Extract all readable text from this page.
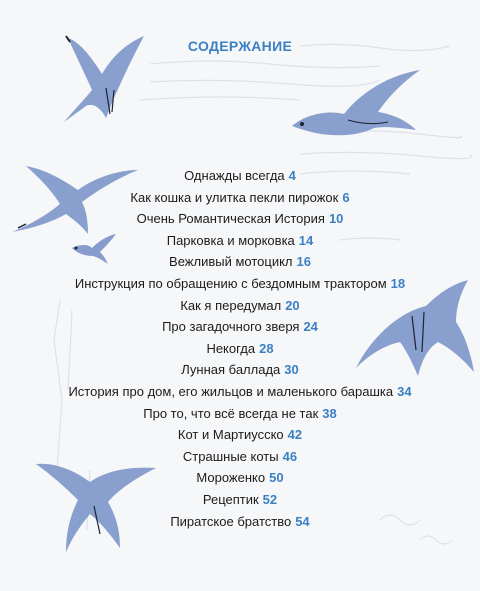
СОДЕРЖАНИЕ
Однажды всегда 4
Как кошка и улитка пекли пирожок 6
Очень Романтическая История 10
Парковка и морковка 14
Вежливый мотоцикл 16
Инструкция по обращению с бездомным трактором 18
Как я передумал 20
Про загадочного зверя 24
Некогда 28
Лунная баллада 30
История про дом, его жильцов и маленького барашка 34
Про то, что всё всегда не так 38
Кот и Мартиусско 42
Страшные коты 46
Мороженко 50
Рецептик 52
Пиратское братство 54
